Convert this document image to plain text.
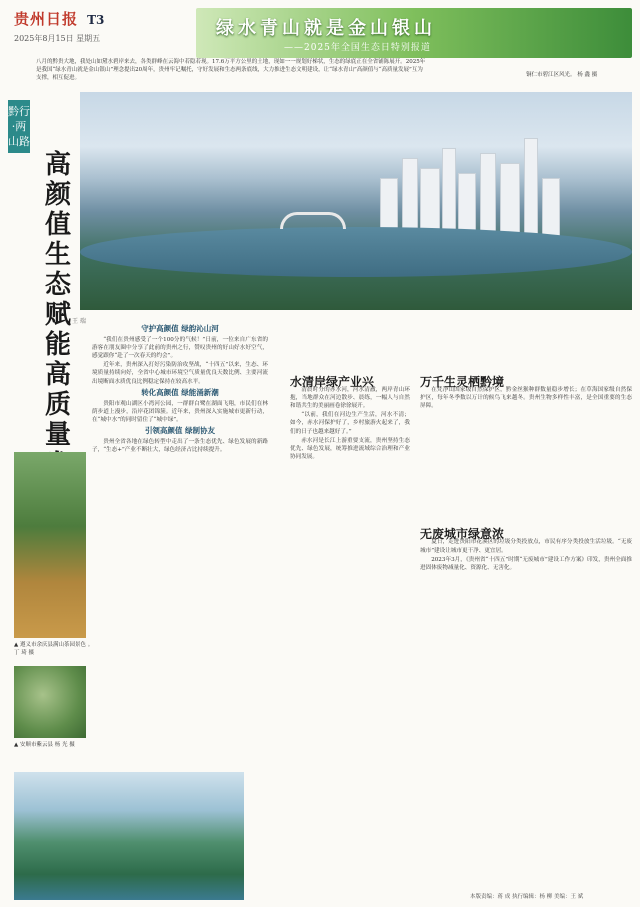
贵州日报 T3
2025年8月15日 星期五	绿水青山就是金山银山
——2025年全国生态日特别报道
八月的黔贵大地，我处山如黛水碧岸来去，各类群峰在云海中若隐若现。17.6万平方公里的土地，现如一一规划好梯状，生态的绿底正在全省铺陈展开。2025年是我国“绿水青山就是金山银山”理念提出20周年，贵州牢记嘱托，守好发展和生态两条底线，大力推进生态文明建设，让“绿水青山”高颜值与“高质量发展”互为支撑，相互促进。	铜仁市碧江区风光。 杨 鑫 摄
黔行·两山路
高颜值生态赋能高质量
王 瑞
守护高颜值 绿韵沁山河

“我们在贵州感受了一个100分的气候！”日前，一位来自广东省的游客在朋友圈中分享了此前的贵州之行，赞叹贵州的好山好水好空气，感觉跟你“赴了一次春天的约会”。

近年来，贵州深入打好污染防治攻坚战，“十四五”以来，生态、环境质量持续向好，全省中心城市环境空气质量优良天数比例、主要河流出境断面水质优良比例稳定保持在较高水平。

转化高颜值 绿能涌新潮

贵阳市观山湖区小湾河公园，一群群白鹭在湖面飞翔，市民们在林荫步道上漫步，沿岸花团锦簇。近年来，贵州深入实施城市更新行动，在“城中水”的同时留住了“城中绿”。

引领高颜值 绿制协友

贵州全省各地在绿色转型中走出了一条生态优先、绿色发展的新路子，“生态+”产业不断壮大，绿色经济占比持续提升。

水清岸绿产业兴

清晨时分的赤水河，河水清澈，两岸青山环抱，当地群众在河边散步、晨练，一幅人与自然和谐共生的美丽画卷徐徐展开。

“以前，我们在河边生产生活，河水不清；如今，赤水河保护好了，乡村旅游火起来了，我们的日子也越来越好了。”

赤水河是长江上游重要支流，贵州坚持生态优先、绿色发展，统筹推进流域综合治理和产业协同发展。

万千生灵栖黔境

在梵净山国家级自然保护区，黔金丝猴种群数量稳步增长；在草海国家级自然保护区，每年冬季数以万计的候鸟飞来越冬。贵州生物多样性丰富，是全国重要的生态屏障。

无废城市绿意浓

夏日，走进贵阳市花溪区的垃圾分类投放点，市民有序分类投放生活垃圾。“无废城市”建设让城市更干净、更宜居。

2023年3月，《贵州省“十四五”时期“无废城市”建设工作方案》印发，贵州全面推进固体废物减量化、资源化、无害化。

▲ 遵义市余庆县满山茶园景色 。 丁 琦 摄
▲ 安顺市紫云县 杨 光 摄
本版责编：蒋 成 执行编辑：杨 柳 美编：王 斌
